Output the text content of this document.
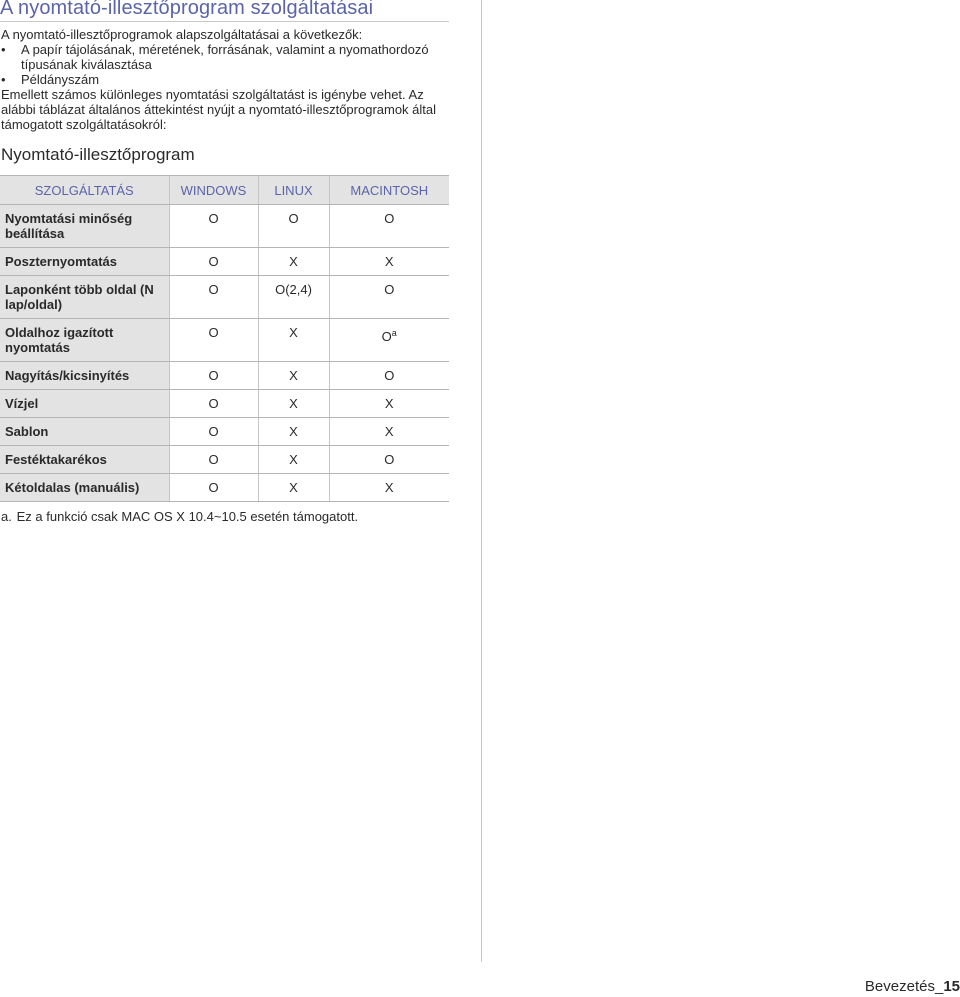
A nyomtató-illesztőprogram szolgáltatásai
A nyomtató-illesztőprogramok alapszolgáltatásai a következők:
•	A papír tájolásának, méretének, forrásának, valamint a nyomathordozó típusának kiválasztása
•	Példányszám
Emellett számos különleges nyomtatási szolgáltatást is igénybe vehet. Az alábbi táblázat általános áttekintést nyújt a nyomtató-illesztőprogramok által támogatott szolgáltatásokról:
Nyomtató-illesztőprogram
SZOLGÁLTATÁS	WINDOWS	LINUX	MACINTOSH
Nyomtatási minőség beállítása	O	O	O
Poszternyomtatás	O	X	X
Laponként több oldal (N lap/oldal)	O	O(2,4)	O
Oldalhoz igazított nyomtatás	O	X	$O^a$
Nagyítás/kicsinyítés	O	X	O
Vízjel	O	X	X
Sablon	O	X	X
Festéktakarékos	O	X	O
Kétoldalas (manuális)	O	X	X
a. Ez a funkció csak MAC OS X 10.4~10.5 esetén támogatott.
Bevezetés_15
